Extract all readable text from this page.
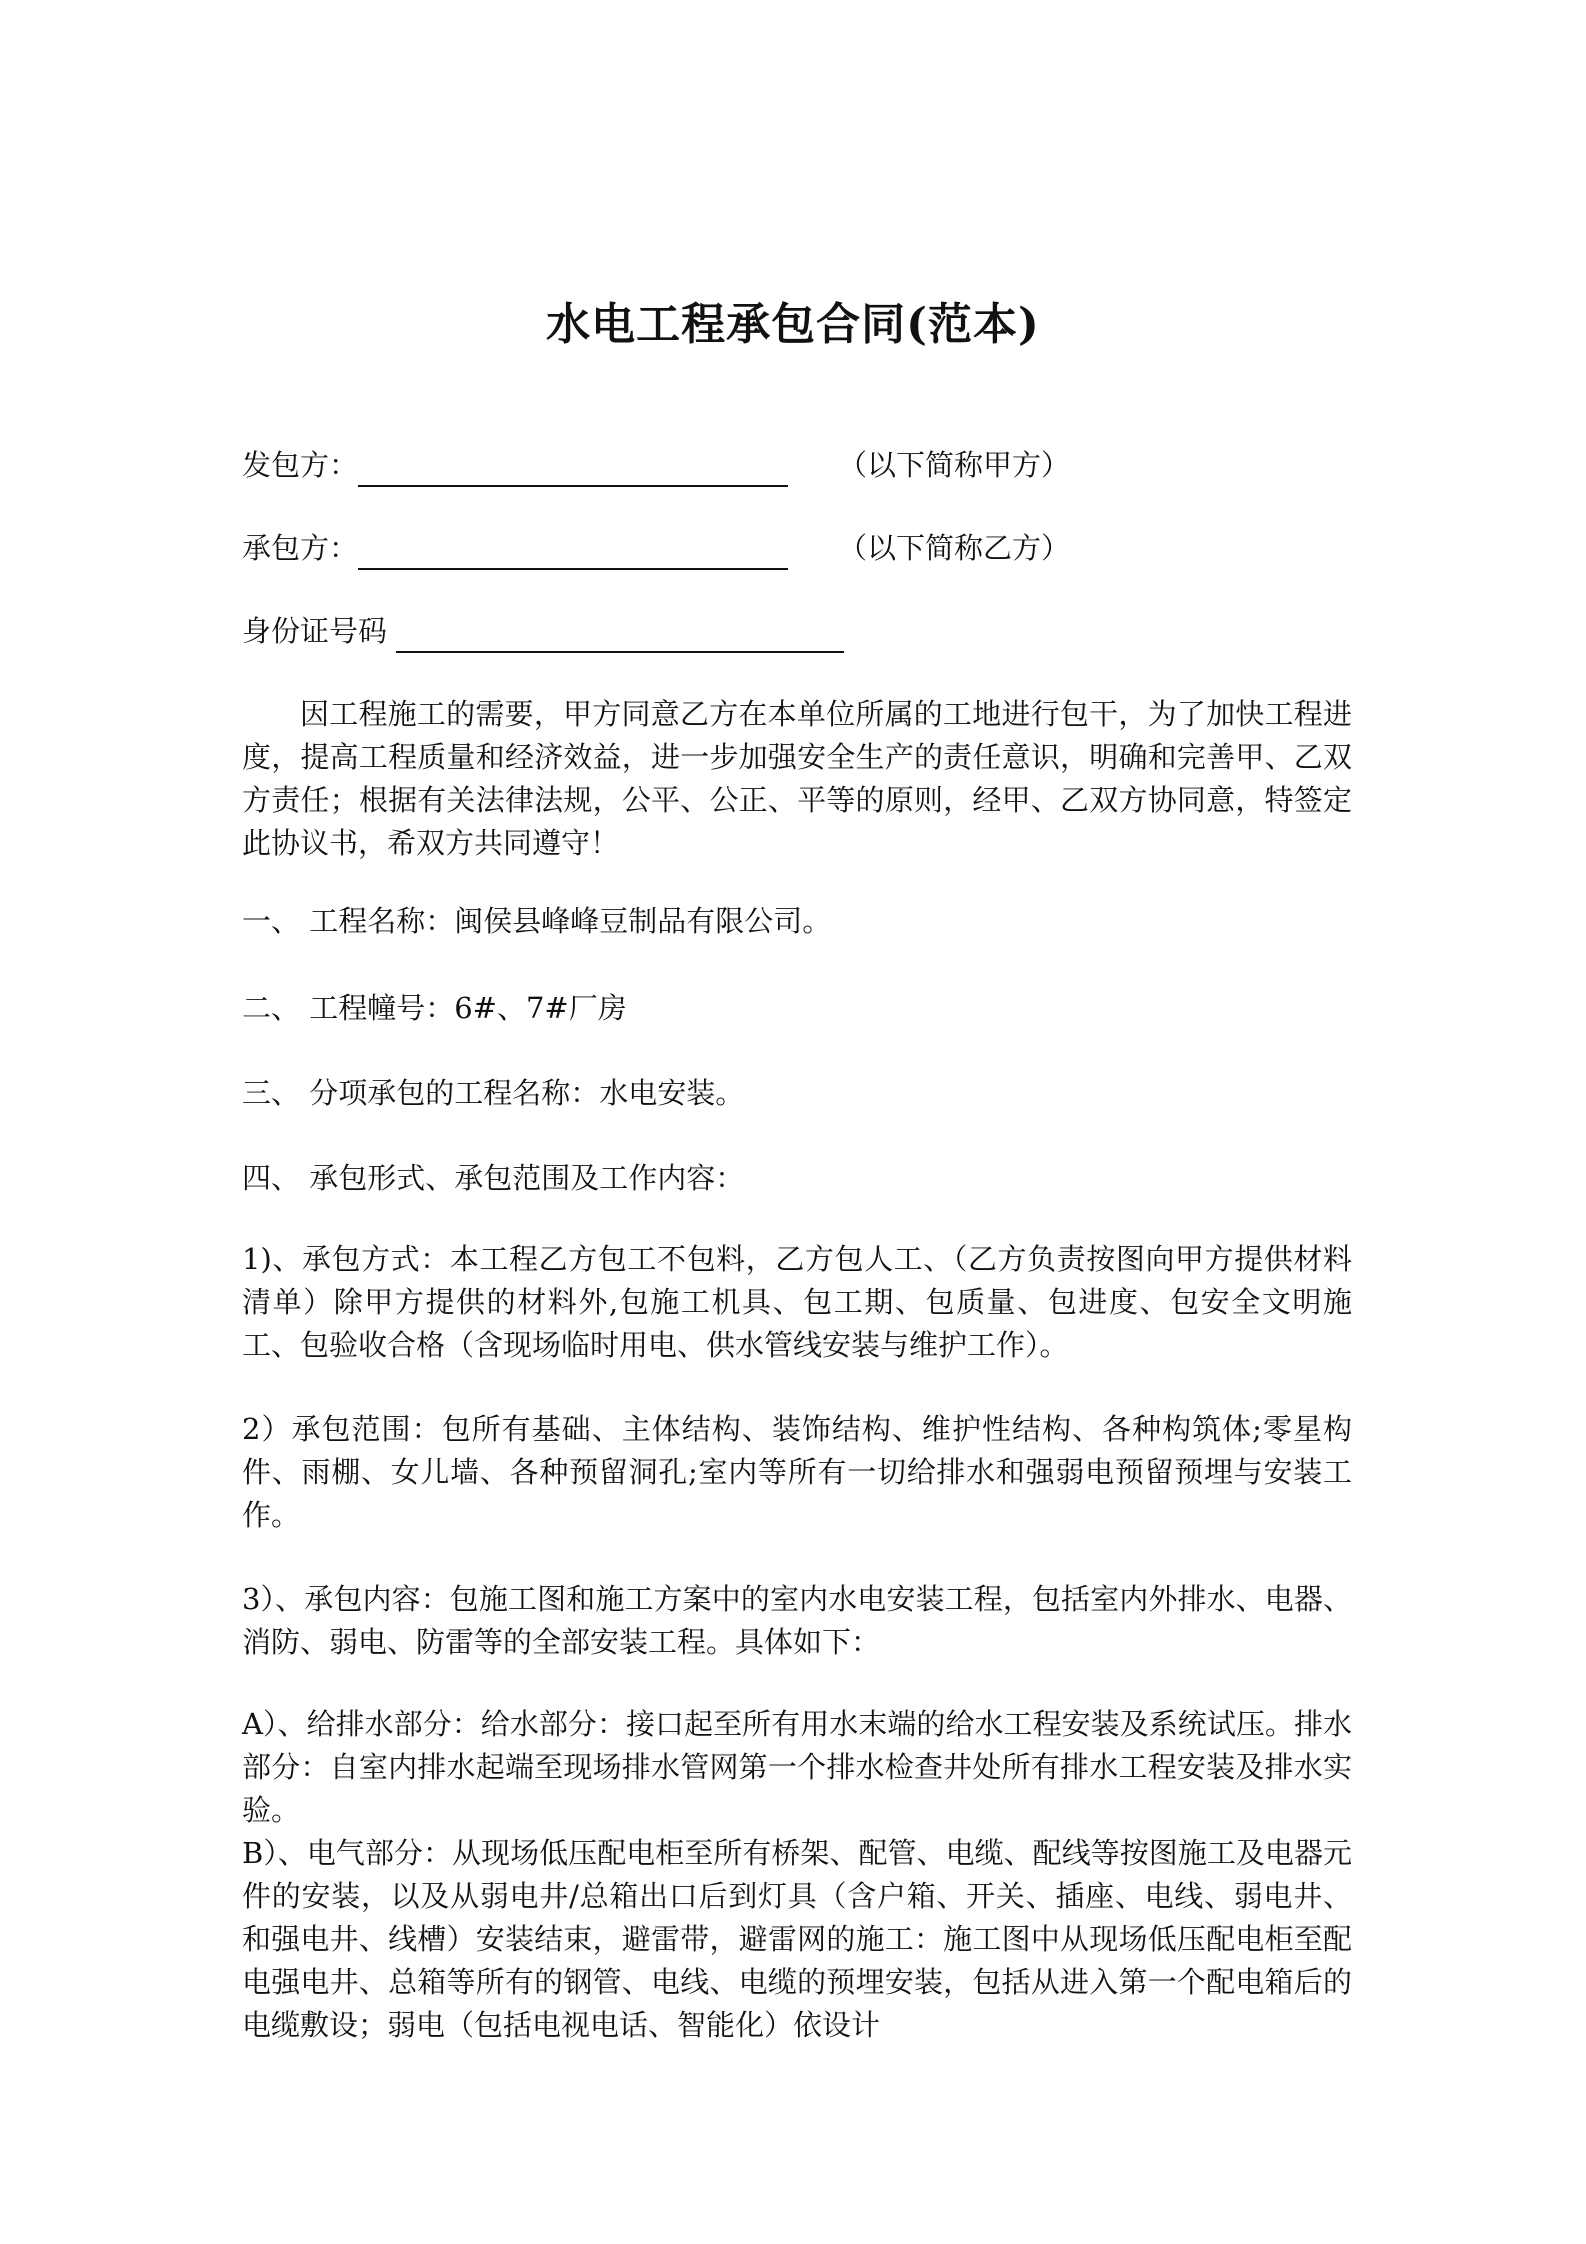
水电工程承包合同(范本)
发包方：	（以下简称甲方）
承包方：	（以下简称乙方）
身份证号码
因工程施工的需要，甲方同意乙方在本单位所属的工地进行包干，为了加快工程进度，提高工程质量和经济效益，进一步加强安全生产的责任意识，明确和完善甲、乙双方责任；根据有关法律法规，公平、公正、平等的原则，经甲、乙双方协同意，特签定此协议书，希双方共同遵守！
一、 工程名称：闽侯县峰峰豆制品有限公司。
二、 工程幢号：6#、7#厂房
三、 分项承包的工程名称：水电安装。
四、 承包形式、承包范围及工作内容：
1)、承包方式：本工程乙方包工不包料，乙方包人工、（乙方负责按图向甲方提供材料清单）除甲方提供的材料外,包施工机具、包工期、包质量、包进度、包安全文明施工、包验收合格（含现场临时用电、供水管线安装与维护工作）。
2）承包范围：包所有基础、主体结构、装饰结构、维护性结构、各种构筑体;零星构件、雨棚、女儿墙、各种预留洞孔;室内等所有一切给排水和强弱电预留预埋与安装工作。
3）、承包内容：包施工图和施工方案中的室内水电安装工程，包括室内外排水、电器、消防、弱电、防雷等的全部安装工程。具体如下：
A）、给排水部分：给水部分：接口起至所有用水末端的给水工程安装及系统试压。排水部分：自室内排水起端至现场排水管网第一个排水检查井处所有排水工程安装及排水实验。
B）、电气部分：从现场低压配电柜至所有桥架、配管、电缆、配线等按图施工及电器元件的安装，以及从弱电井/总箱出口后到灯具（含户箱、开关、插座、电线、弱电井、和强电井、线槽）安装结束，避雷带，避雷网的施工：施工图中从现场低压配电柜至配电强电井、总箱等所有的钢管、电线、电缆的预埋安装，包括从进入第一个配电箱后的电缆敷设；弱电（包括电视电话、智能化）依设计
